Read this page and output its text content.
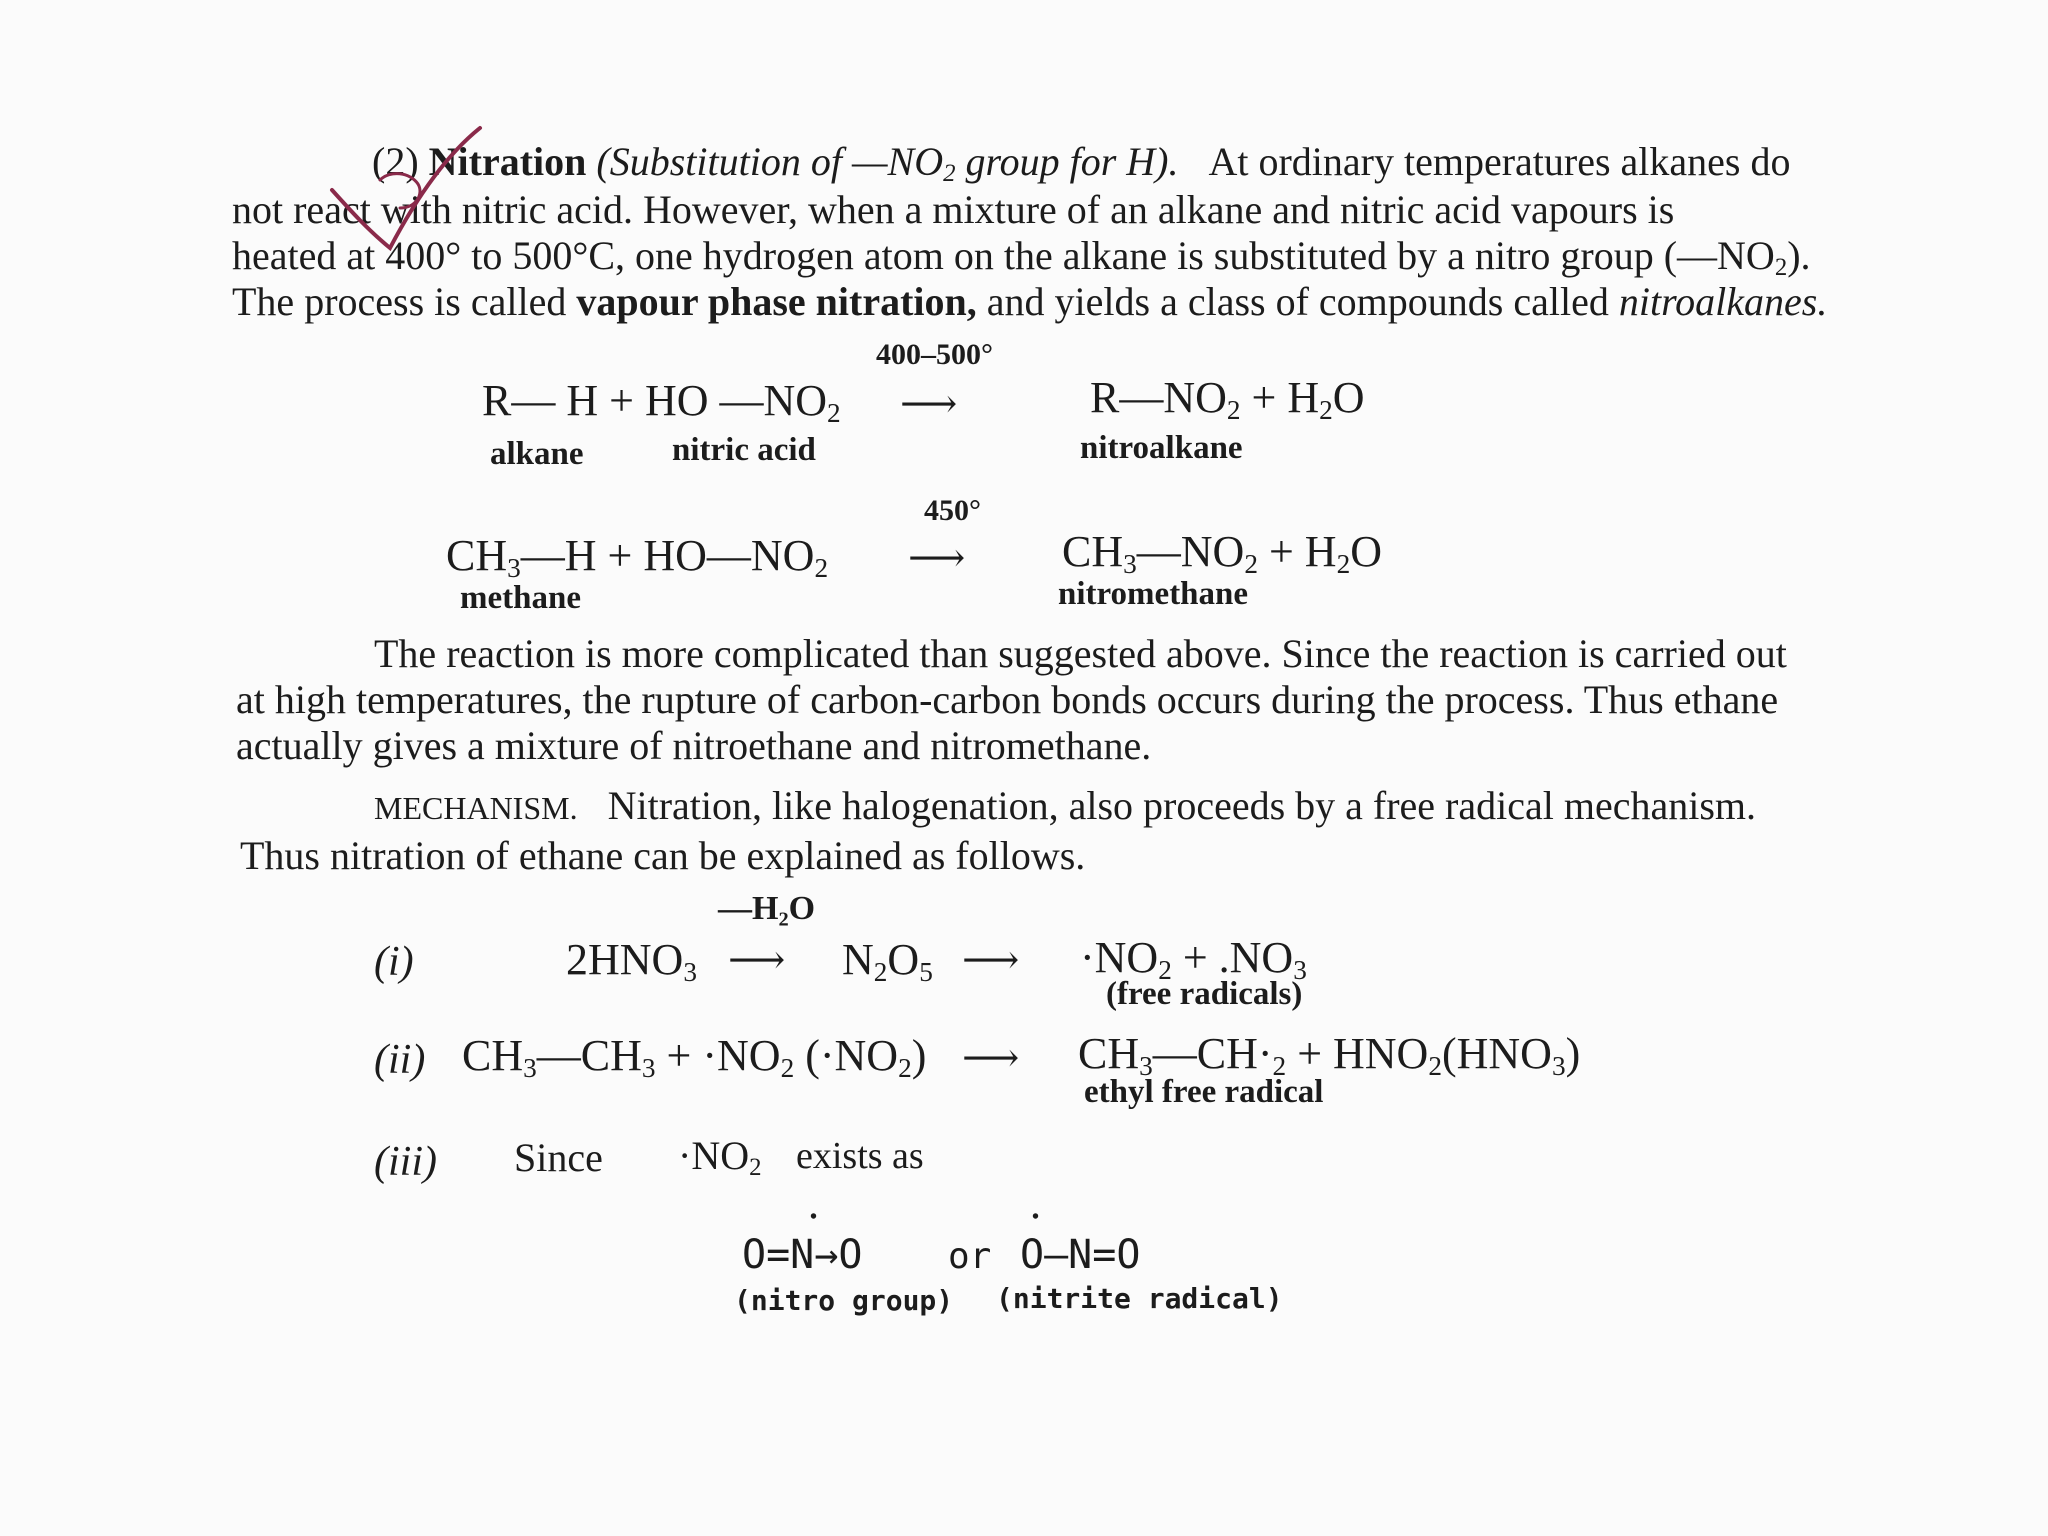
(2) Nitration (Substitution of $—NO_2$ group for H). At ordinary temperatures alkanes do
not react with nitric acid. However, when a mixture of an alkane and nitric acid vapours is
heated at 400° to 500°C, one hydrogen atom on the alkane is substituted by a nitro group $(—NO_2)$.
The process is called vapour phase nitration, and yields a class of compounds called nitroalkanes.
400–500°
R— H + HO $—NO_2$ ⟶	$R—NO_2 + H_2O$
alkane	nitric acid	nitroalkane
450°
$CH_3—H$ + $HO—NO_2$ ⟶ $CH_3—NO_2 + H_2O$
methane	nitromethane
The reaction is more complicated than suggested above. Since the reaction is carried out
at high temperatures, the rupture of carbon-carbon bonds occurs during the process. Thus ethane
actually gives a mixture of nitroethane and nitromethane.
MECHANISM. Nitration, like halogenation, also proceeds by a free radical mechanism.
Thus nitration of ethane can be explained as follows.
—H₂O
(i)	$2HNO_3$ ⟶ $N_2O_5$ ⟶ $\cdot NO_2 + .NO_3$
(free radicals)
(ii) $CH_3—CH_3 + \cdot NO_2$ $(\cdot NO_2)$ ⟶ $CH_3—CH\cdot_2 + HNO_2(HNO_3)$
ethyl free radical
(iii) Since $\cdot NO_2$ exists as
•	•
O=N→O or O—N=O
(nitro group) (nitrite radical)
